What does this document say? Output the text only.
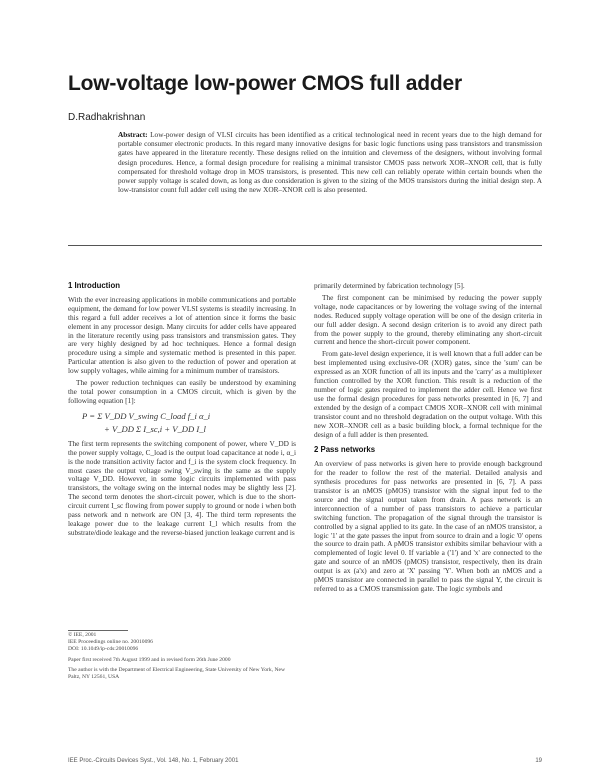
Low-voltage low-power CMOS full adder
D.Radhakrishnan
Abstract: Low-power design of VLSI circuits has been identified as a critical technological need in recent years due to the high demand for portable consumer electronic products. In this regard many innovative designs for basic logic functions using pass transistors and transmission gates have appeared in the literature recently. These designs relied on the intuition and cleverness of the designers, without involving formal design procedures. Hence, a formal design procedure for realising a minimal transistor CMOS pass network XOR–XNOR cell, that is fully compensated for threshold voltage drop in MOS transistors, is presented. This new cell can reliably operate within certain bounds when the power supply voltage is scaled down, as long as due consideration is given to the sizing of the MOS transistors during the initial design step. A low-transistor count full adder cell using the new XOR–XNOR cell is also presented.
1 Introduction

With the ever increasing applications in mobile communications and portable equipment, the demand for low power VLSI systems is steadily increasing. In this regard a full adder receives a lot of attention since it forms the basic element in any processor design. Many circuits for adder cells have appeared in the literature recently using pass transistors and transmission gates. They are very highly designed by ad hoc techniques. Hence a formal design procedure using a simple and systematic method is presented in this paper. Particular attention is also given to the reduction of power and operation at low supply voltages, while aiming for a minimum number of transistors.

The power reduction techniques can easily be understood by examining the total power consumption in a CMOS circuit, which is given by the following equation [1]:

P = Σ V_DD V_swing C_load f_i α_i
+ V_DD Σ I_sc,i + V_DD I_l

The first term represents the switching component of power, where V_DD is the power supply voltage, C_load is the output load capacitance at node i, α_i is the node transition activity factor and f_i is the system clock frequency. In most cases the output voltage swing V_swing is the same as the supply voltage V_DD. However, in some logic circuits implemented with pass transistors, the voltage swing on the internal nodes may be slightly less [2]. The second term denotes the short-circuit power, which is due to the short-circuit current I_sc flowing from power supply to ground or node i when both pass network and n network are ON [3, 4]. The third term represents the leakage power due to the leakage current I_l which results from the substrate/diode leakage and the reverse-biased junction leakage current and is

© IEE, 2001
IEE Proceedings online no. 20010096
DOI: 10.1049/ip-cds:20010096
Paper first received 7th August 1999 and in revised form 26th June 2000
The author is with the Department of Electrical Engineering, State University of New York, New Paltz, NY 12561, USA

primarily determined by fabrication technology [5].

The first component can be minimised by reducing the power supply voltage, node capacitances or by lowering the voltage swing of the internal nodes. Reduced supply voltage operation will be one of the design criteria in our full adder design. A second design criterion is to avoid any direct path from the power supply to the ground, thereby eliminating any short-circuit current and hence the short-circuit power component.

From gate-level design experience, it is well known that a full adder can be best implemented using exclusive-OR (XOR) gates, since the 'sum' can be expressed as an XOR function of all its inputs and the 'carry' as a multiplexer function controlled by the XOR function. This result is a reduction of the number of logic gates required to implement the adder cell. Hence we first use the formal design procedures for pass networks presented in [6, 7] and extended by the design of a compact CMOS XOR–XNOR cell with minimal transistor count and no threshold degradation on the output voltage. With this new XOR–XNOR cell as a basic building block, a formal technique for the design of a full adder is then presented.

2 Pass networks

An overview of pass networks is given here to provide enough background for the reader to follow the rest of the material. Detailed analysis and synthesis procedures for pass networks are presented in [6, 7]. A pass transistor is an nMOS (pMOS) transistor with the signal input fed to the source and the signal output taken from drain. A pass network is an interconnection of a number of pass transistors to achieve a particular switching function. The propagation of the signal through the transistor is controlled by a signal applied to its gate. In the case of an nMOS transistor, a logic '1' at the gate passes the input from source to drain and a logic '0' opens the source to drain path. A pMOS transistor exhibits similar behaviour with a complemented of logic level 0. If variable a ('1') and 'x' are connected to the gate and source of an nMOS (pMOS) transistor, respectively, then its drain output is ax (a'x) and zero at 'X' passing 'Y'. When both an nMOS and a pMOS transistor are connected in parallel to pass the signal Y, the circuit is referred to as a CMOS transmission gate. The logic symbols and

IEE Proc.-Circuits Devices Syst., Vol. 148, No. 1, February 2001	19
